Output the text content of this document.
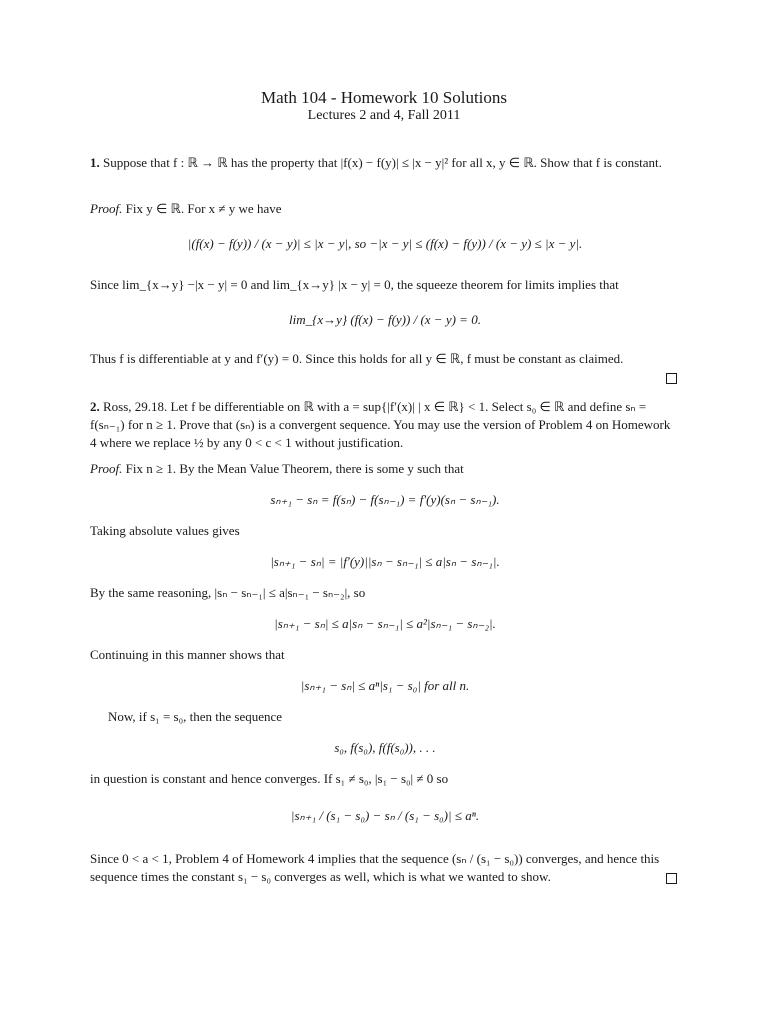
Math 104 - Homework 10 Solutions
Lectures 2 and 4, Fall 2011

1. Suppose that f : ℝ → ℝ has the property that |f(x) − f(y)| ≤ |x − y|² for all x, y ∈ ℝ. Show that f is constant.

Proof. Fix y ∈ ℝ. For x ≠ y we have

|(f(x) − f(y)) / (x − y)| ≤ |x − y|, so −|x − y| ≤ (f(x) − f(y)) / (x − y) ≤ |x − y|.

Since lim_{x→y} −|x − y| = 0 and lim_{x→y} |x − y| = 0, the squeeze theorem for limits implies that

lim_{x→y} (f(x) − f(y)) / (x − y) = 0.

Thus f is differentiable at y and f′(y) = 0. Since this holds for all y ∈ ℝ, f must be constant as claimed.

2. Ross, 29.18. Let f be differentiable on ℝ with a = sup{|f′(x)| | x ∈ ℝ} < 1. Select s₀ ∈ ℝ and define sₙ = f(sₙ₋₁) for n ≥ 1. Prove that (sₙ) is a convergent sequence. You may use the version of Problem 4 on Homework 4 where we replace ½ by any 0 < c < 1 without justification.

Proof. Fix n ≥ 1. By the Mean Value Theorem, there is some y such that

sₙ₊₁ − sₙ = f(sₙ) − f(sₙ₋₁) = f′(y)(sₙ − sₙ₋₁).

Taking absolute values gives

|sₙ₊₁ − sₙ| = |f′(y)||sₙ − sₙ₋₁| ≤ a|sₙ − sₙ₋₁|.

By the same reasoning, |sₙ − sₙ₋₁| ≤ a|sₙ₋₁ − sₙ₋₂|, so

|sₙ₊₁ − sₙ| ≤ a|sₙ − sₙ₋₁| ≤ a²|sₙ₋₁ − sₙ₋₂|.

Continuing in this manner shows that

|sₙ₊₁ − sₙ| ≤ aⁿ|s₁ − s₀| for all n.

Now, if s₁ = s₀, then the sequence

s₀, f(s₀), f(f(s₀)), . . .

in question is constant and hence converges. If s₁ ≠ s₀, |s₁ − s₀| ≠ 0 so

|sₙ₊₁ / (s₁ − s₀) − sₙ / (s₁ − s₀)| ≤ aⁿ.

Since 0 < a < 1, Problem 4 of Homework 4 implies that the sequence (sₙ / (s₁ − s₀)) converges, and hence this sequence times the constant s₁ − s₀ converges as well, which is what we wanted to show.
